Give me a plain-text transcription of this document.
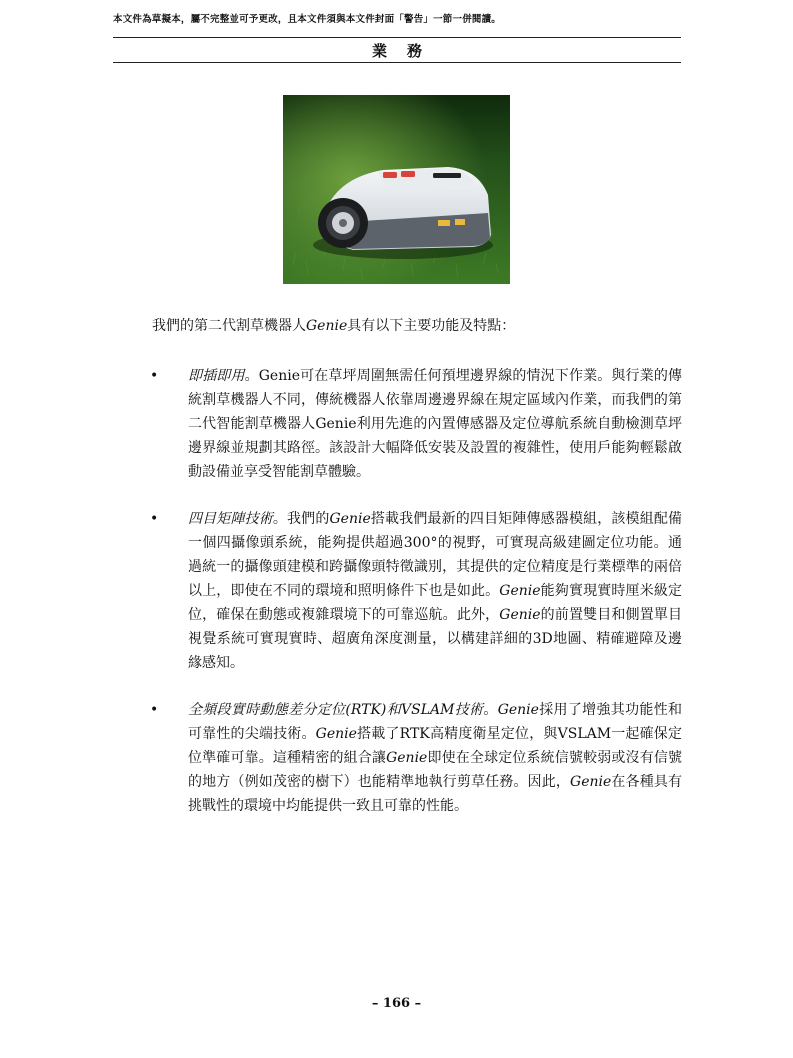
本文件為草擬本，屬不完整並可予更改，且本文件須與本文件封面「警告」一節一併閱讀。
業務
我們的第二代割草機器人Genie具有以下主要功能及特點：
• 即插即用。Genie可在草坪周圍無需任何預埋邊界線的情況下作業。與行業的傳統割草機器人不同，傳統機器人依靠周邊邊界線在規定區域內作業，而我們的第二代智能割草機器人Genie利用先進的內置傳感器及定位導航系統自動檢測草坪邊界線並規劃其路徑。該設計大幅降低安裝及設置的複雜性，使用戶能夠輕鬆啟動設備並享受智能割草體驗。
• 四目矩陣技術。我們的Genie搭載我們最新的四目矩陣傳感器模組，該模組配備一個四攝像頭系統，能夠提供超過300°的視野，可實現高級建圖定位功能。通過統一的攝像頭建模和跨攝像頭特徵識別，其提供的定位精度是行業標準的兩倍以上，即使在不同的環境和照明條件下也是如此。Genie能夠實現實時厘米級定位，確保在動態或複雜環境下的可靠巡航。此外，Genie的前置雙目和側置單目視覺系統可實現實時、超廣角深度測量，以構建詳細的3D地圖、精確避障及邊緣感知。
• 全頻段實時動態差分定位(RTK)和VSLAM技術。Genie採用了增強其功能性和可靠性的尖端技術。Genie搭載了RTK高精度衛星定位，與VSLAM一起確保定位準確可靠。這種精密的組合讓Genie即使在全球定位系統信號較弱或沒有信號的地方（例如茂密的樹下）也能精準地執行剪草任務。因此，Genie在各種具有挑戰性的環境中均能提供一致且可靠的性能。
– 166 –
